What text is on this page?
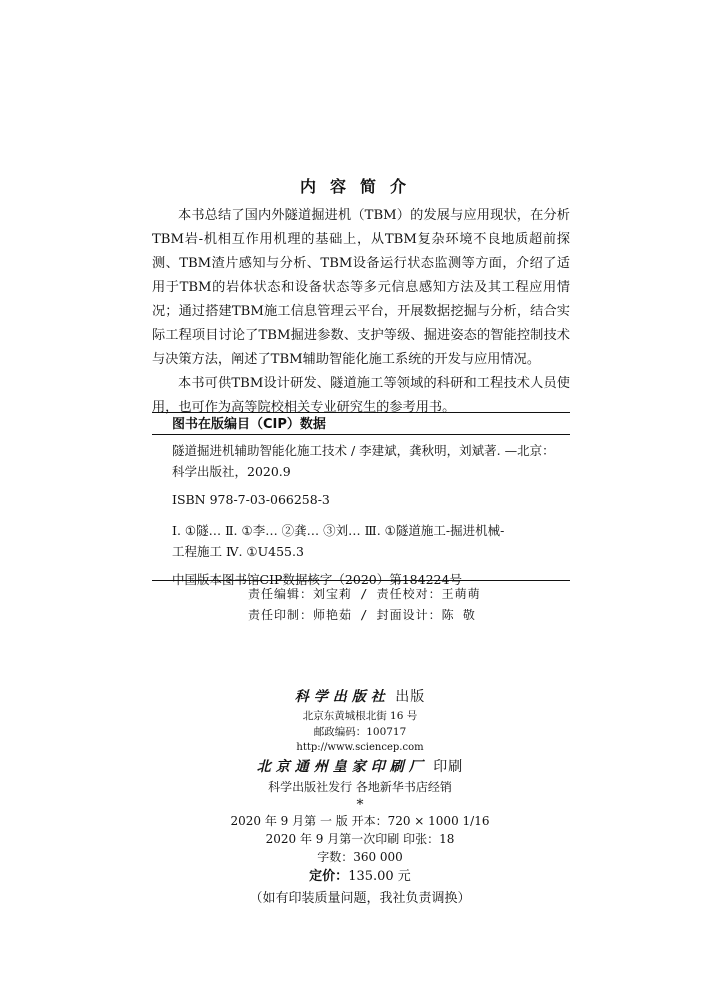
内容简介

本书总结了国内外隧道掘进机（TBM）的发展与应用现状，在分析TBM岩-机相互作用机理的基础上，从TBM复杂环境不良地质超前探测、TBM渣片感知与分析、TBM设备运行状态监测等方面，介绍了适用于TBM的岩体状态和设备状态等多元信息感知方法及其工程应用情况；通过搭建TBM施工信息管理云平台，开展数据挖掘与分析，结合实际工程项目讨论了TBM掘进参数、支护等级、掘进姿态的智能控制技术与决策方法，阐述了TBM辅助智能化施工系统的开发与应用情况。

本书可供TBM设计研发、隧道施工等领域的科研和工程技术人员使用，也可作为高等院校相关专业研究生的参考用书。

图书在版编目（CIP）数据
隧道掘进机辅助智能化施工技术 / 李建斌，龚秋明，刘斌著. —北京：
科学出版社，2020.9
ISBN 978-7-03-066258-3
Ⅰ. ①隧… Ⅱ. ①李… ②龚… ③刘… Ⅲ. ①隧道施工-掘进机械-
工程施工 Ⅳ. ①U455.3
中国版本图书馆CIP数据核字（2020）第184224号
责任编辑：刘宝莉 / 责任校对：王萌萌
责任印制：师艳茹 / 封面设计：陈 敬
科学出版社 出版
北京东黄城根北街 16 号
邮政编码：100717
http://www.sciencep.com
北京通州皇家印刷厂 印刷
科学出版社发行 各地新华书店经销
*
2020 年 9 月第 一 版 开本：720 × 1000 1/16
2020 年 9 月第一次印刷 印张：18
字数：360 000
定价：135.00 元
（如有印装质量问题，我社负责调换）
